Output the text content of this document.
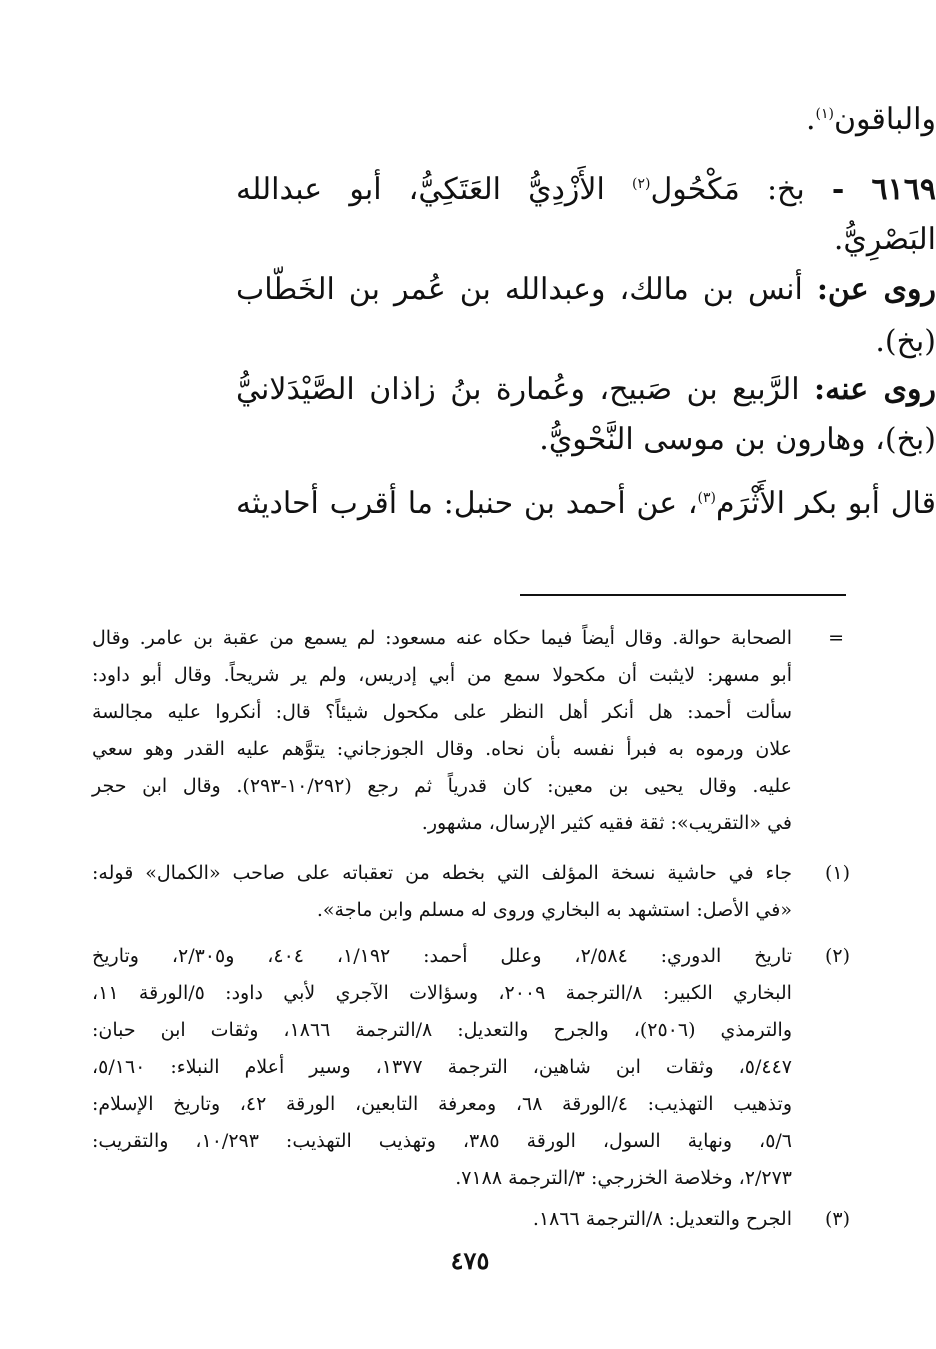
والباقون$^{(١)}$.
٦١٦٩ - بخ: مَكْحُول$^{(٢)}$ الأَزْدِيُّ العَتَكِيُّ، أبو عبدالله
البَصْرِيُّ.
روى عن: أنس بن مالك، وعبدالله بن عُمر بن الخَطّاب
(بخ).
روى عنه: الرَّبيع بن صَبيح، وعُمارة بنُ زاذان الصَّيْدَلانيُّ
(بخ)، وهارون بن موسى النَّحْويُّ.
قال أبو بكر الأَثْرَم$^{(٣)}$، عن أحمد بن حنبل: ما أقرب أحاديثه
=
الصحابة حوالة. وقال أيضاً فيما حكاه عنه مسعود: لم يسمع من عقبة بن عامر. وقال
أبو مسهر: لايثبت أن مكحولا سمع من أبي إدريس، ولم ير شريحاً. وقال أبو داود:
سألت أحمد: هل أنكر أهل النظر على مكحول شيئاً؟ قال: أنكروا عليه مجالسة
علان ورموه به فبرأ نفسه بأن نحاه. وقال الجوزجاني: يتوَّهم عليه القدر وهو سعي
عليه. وقال يحيى بن معين: كان قدرياً ثم رجع (١٠/٢٩٢-٢٩٣). وقال ابن حجر
في «التقريب»: ثقة فقيه كثير الإرسال، مشهور.
(١)
جاء في حاشية نسخة المؤلف التي بخطه من تعقباته على صاحب «الكمال» قوله:
«في الأصل: استشهد به البخاري وروى له مسلم وابن ماجة».
(٢)
تاريخ الدوري: ٢/٥٨٤، وعلل أحمد: ١/١٩٢، ٤٠٤، و٢/٣٠٥، وتاريخ
البخاري الكبير: ٨/الترجمة ٢٠٠٩، وسؤالات الآجري لأبي داود: ٥/الورقة ١١،
والترمذي (٢٥٠٦)، والجرح والتعديل: ٨/الترجمة ١٨٦٦، وثقات ابن حبان:
٥/٤٤٧، وثقات ابن شاهين، الترجمة ١٣٧٧، وسير أعلام النبلاء: ٥/١٦٠،
وتذهيب التهذيب: ٤/الورقة ٦٨، ومعرفة التابعين، الورقة ٤٢، وتاريخ الإسلام:
٥/٦، ونهاية السول، الورقة ٣٨٥، وتهذيب التهذيب: ١٠/٢٩٣، والتقريب:
٢/٢٧٣، وخلاصة الخزرجي: ٣/الترجمة ٧١٨٨.
(٣)
الجرح والتعديل: ٨/الترجمة ١٨٦٦.
٤٧٥
